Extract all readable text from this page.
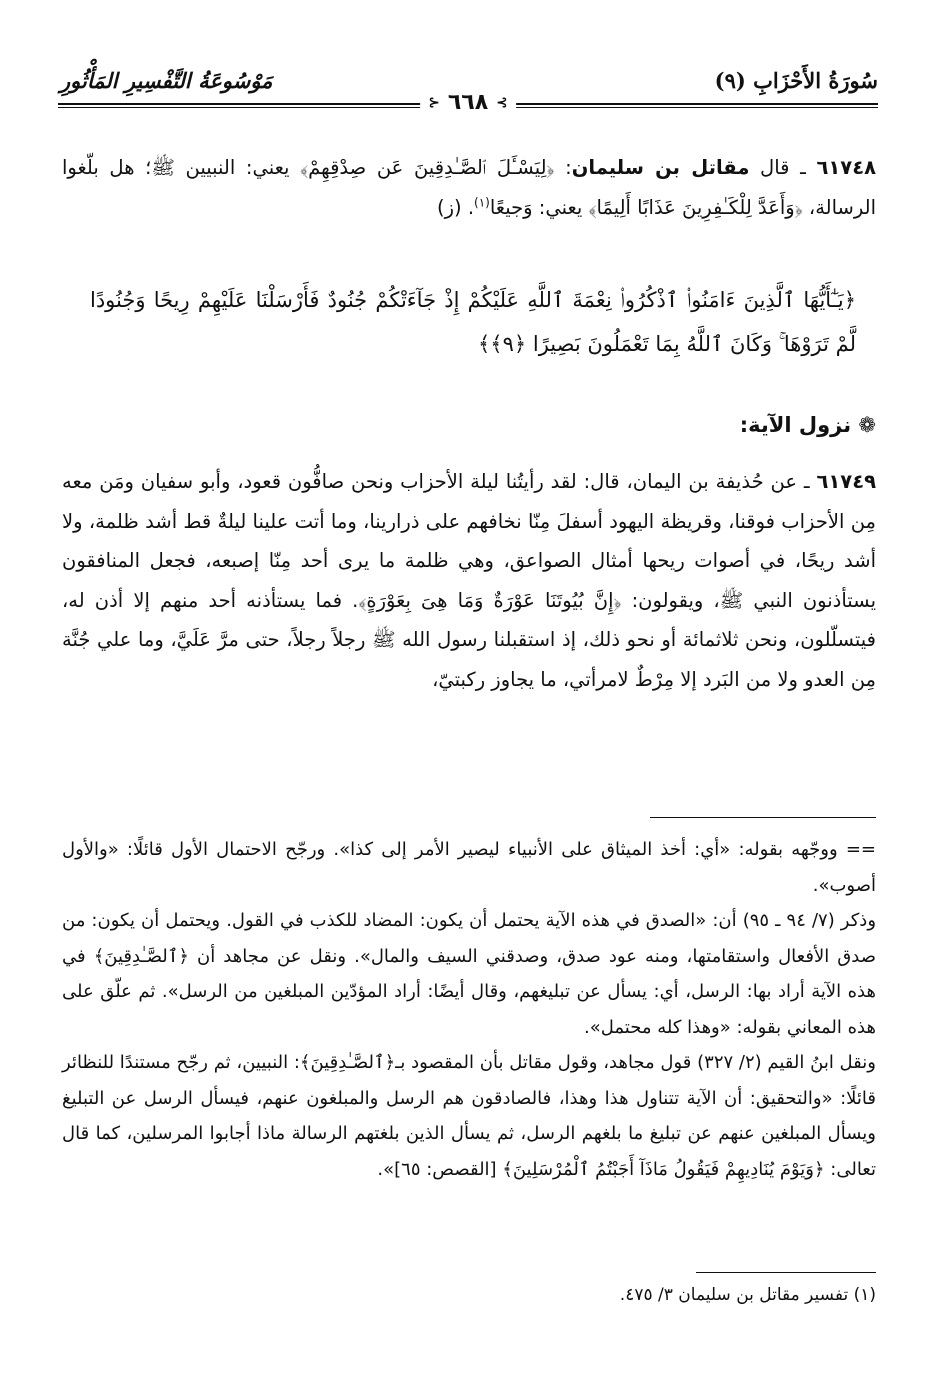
سُورَةُ الأَحْزَابِ (٩)
مَوْسُوعَةُ التَّفْسِيرِ المَأْثُورِ
⊱
٦٦٨
⊰
٦١٧٤٨ ـ قال مقاتل بن سليمان: ﴿لِيَسْـَٔلَ ٱلصَّـٰدِقِينَ عَن صِدْقِهِمْ﴾ يعني: النبيين ﷺ؛ هل بلّغوا الرسالة، ﴿وَأَعَدَّ لِلْكَـٰفِرِينَ عَذَابًا أَلِيمًا﴾ يعني: وَجيعًا$^{(١)}$. (ز)
﴿يَـٰٓأَيُّهَا ٱلَّذِينَ ءَامَنُوا۟ ٱذْكُرُوا۟ نِعْمَةَ ٱللَّهِ عَلَيْكُمْ إِذْ جَآءَتْكُمْ جُنُودٌ فَأَرْسَلْنَا عَلَيْهِمْ رِيحًا وَجُنُودًا لَّمْ تَرَوْهَا ۚ وَكَانَ ٱللَّهُ بِمَا تَعْمَلُونَ بَصِيرًا ﴿٩﴾﴾
❁ نزول الآية:
٦١٧٤٩ ـ عن حُذيفة بن اليمان، قال: لقد رأيتُنا ليلة الأحزاب ونحن صافُّون قعود، وأبو سفيان ومَن معه مِن الأحزاب فوقنا، وقريظة اليهود أسفلَ مِنّا نخافهم على ذرارينا، وما أتت علينا ليلةٌ قط أشد ظلمة، ولا أشد ريحًا، في أصوات ريحها أمثال الصواعق، وهي ظلمة ما يرى أحد مِنّا إصبعه، فجعل المنافقون يستأذنون النبي ﷺ، ويقولون: ﴿إِنَّ بُيُوتَنَا عَوْرَةٌ وَمَا هِىَ بِعَوْرَةٍ﴾. فما يستأذنه أحد منهم إلا أذن له، فيتسلّلون، ونحن ثلاثمائة أو نحو ذلك، إذ استقبلنا رسول الله ﷺ رجلاً رجلاً، حتى مرَّ عَلَيَّ، وما علي جُنَّة مِن العدو ولا من البَرد إلا مِرْطٌ لامرأتي، ما يجاوز ركبتيّ،

== ووجّهه بقوله: «أي: أخذ الميثاق على الأنبياء ليصير الأمر إلى كذا». ورجّح الاحتمال الأول قائلًا: «والأول أصوب».

وذكر (٧/ ٩٤ ـ ٩٥) أن: «الصدق في هذه الآية يحتمل أن يكون: المضاد للكذب في القول. ويحتمل أن يكون: من صدق الأفعال واستقامتها، ومنه عود صدق، وصدقني السيف والمال». ونقل عن مجاهد أن ﴿ٱلصَّـٰدِقِينَ﴾ في هذه الآية أراد بها: الرسل، أي: يسأل عن تبليغهم، وقال أيضًا: أراد المؤدّين المبلغين من الرسل». ثم علّق على هذه المعاني بقوله: «وهذا كله محتمل».

ونقل ابنُ القيم (٢/ ٣٢٧) قول مجاهد، وقول مقاتل بأن المقصود بـ﴿ٱلصَّـٰدِقِينَ﴾: النبيين، ثم رجّح مستندًا للنظائر قائلًا: «والتحقيق: أن الآية تتناول هذا وهذا، فالصادقون هم الرسل والمبلغون عنهم، فيسأل الرسل عن التبليغ ويسأل المبلغين عنهم عن تبليغ ما بلغهم الرسل، ثم يسأل الذين بلغتهم الرسالة ماذا أجابوا المرسلين، كما قال تعالى: ﴿وَيَوْمَ يُنَادِيهِمْ فَيَقُولُ مَاذَآ أَجَبْتُمُ ٱلْمُرْسَلِينَ﴾ [القصص: ٦٥]».

(١) تفسير مقاتل بن سليمان ٣/ ٤٧٥.
